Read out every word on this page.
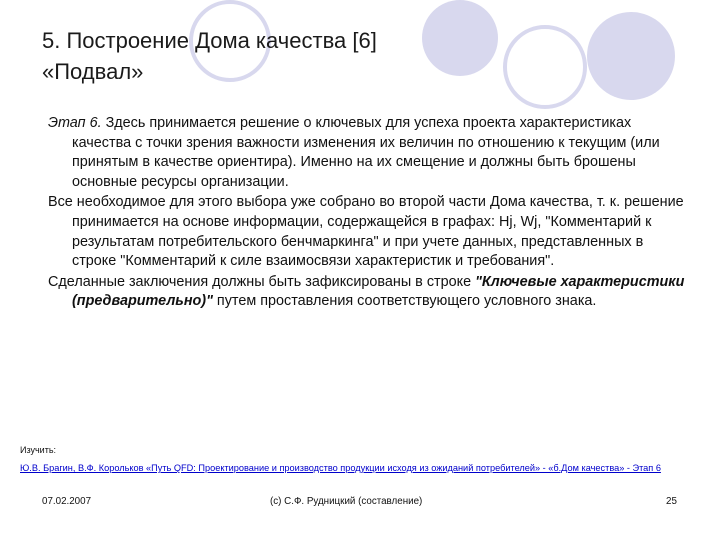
5. Построение Дома качества [6]
«Подвал»

Этап 6. Здесь принимается решение о ключевых для успеха проекта характеристиках качества с точки зрения важности изменения их величин по отношению к текущим (или принятым в качестве ориентира). Именно на их смещение и должны быть брошены основные ресурсы организации.

Все необходимое для этого выбора уже собрано во второй части Дома качества, т. к. решение принимается на основе информации, содержащейся в графах: Hj, Wj, "Комментарий к результатам потребительского бенчмаркинга" и при учете данных, представленных в строке "Комментарий к силе взаимосвязи характеристик и требования".

Сделанные заключения должны быть зафиксированы в строке "Ключевые характеристики (предварительно)" путем проставления соответствующего условного знака.

Изучить:
Ю.В. Брагин, В.Ф. Корольков «Путь QFD: Проектирование и производство продукции исходя из ожиданий потребителей» - «б.Дом качества» - Этап 6
07.02.2007	(с) С.Ф. Рудницкий (составление)	25
